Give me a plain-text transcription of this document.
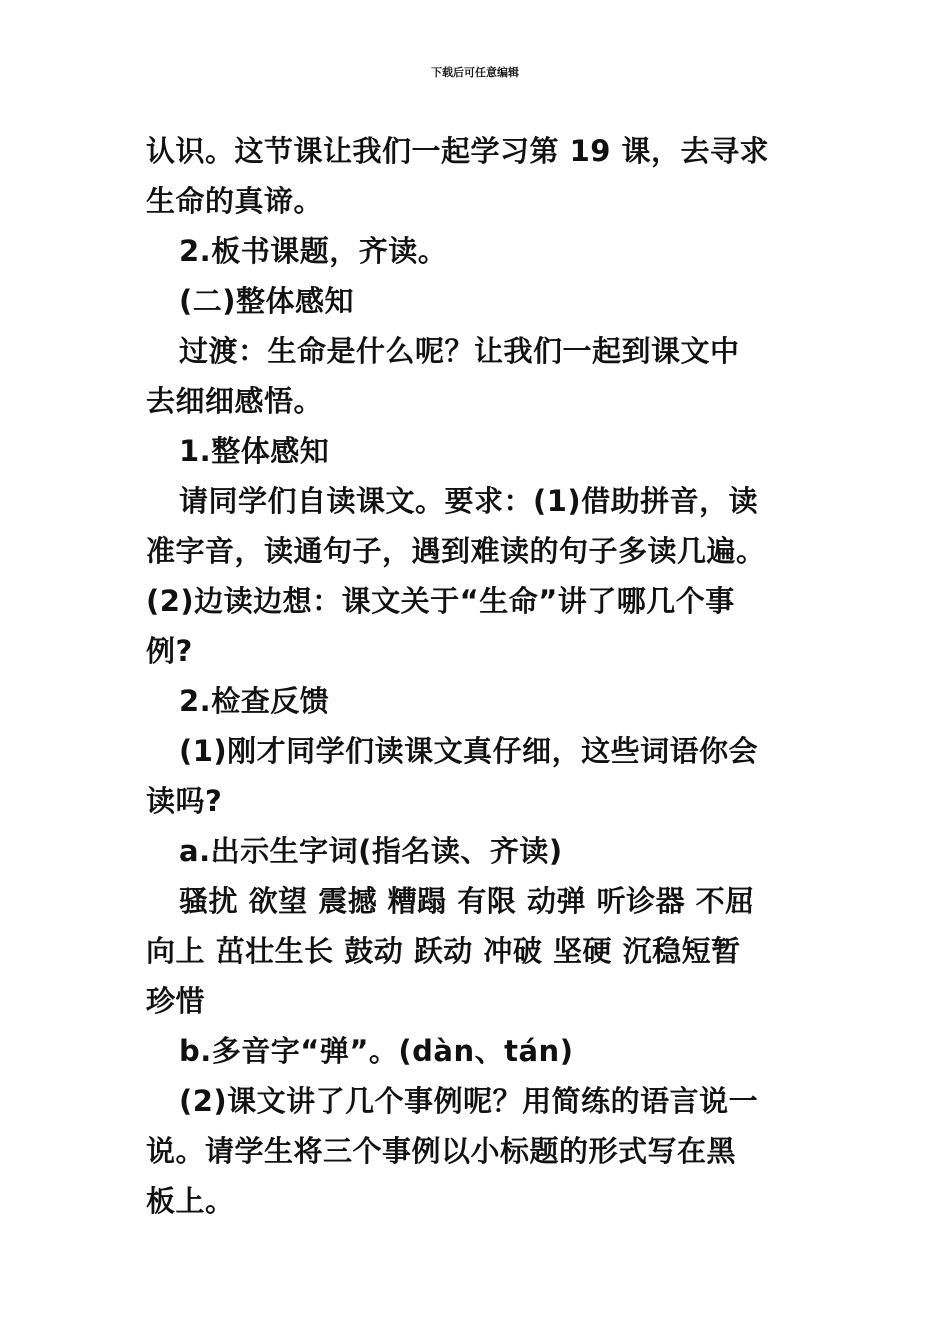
下载后可任意编辑
认识。这节课让我们一起学习第 19 课，去寻求
生命的真谛。
2.板书课题，齐读。
(二)整体感知
过渡：生命是什么呢？让我们一起到课文中
去细细感悟。
1.整体感知
请同学们自读课文。要求：(1)借助拼音，读
准字音，读通句子，遇到难读的句子多读几遍。
(2)边读边想：课文关于“生命”讲了哪几个事
例?
2.检查反馈
(1)刚才同学们读课文真仔细，这些词语你会
读吗?
a.出示生字词(指名读、齐读)
骚扰 欲望 震撼 糟蹋 有限 动弹 听诊器 不屈
向上 茁壮生长 鼓动 跃动 冲破 坚硬 沉稳短暂
珍惜
b.多音字“弹”。(dàn、tán)
(2)课文讲了几个事例呢？用简练的语言说一
说。请学生将三个事例以小标题的形式写在黑
板上。
